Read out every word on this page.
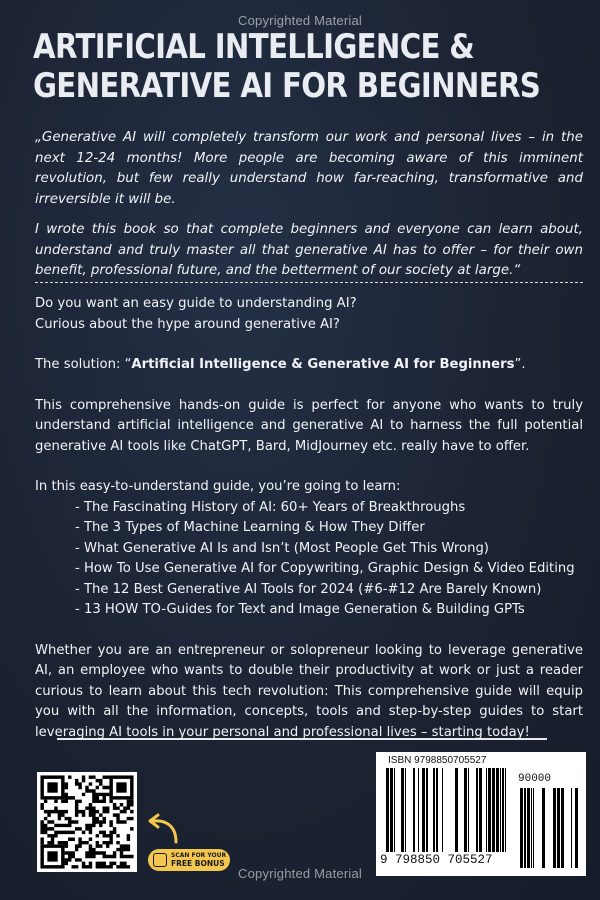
Copyrighted Material
ARTIFICIAL INTELLIGENCE &
GENERATIVE AI FOR BEGINNERS

„Generative AI will completely transform our work and personal lives – in the next 12-24 months! More people are becoming aware of this imminent revolution, but few really understand how far-reaching, transformative and irreversible it will be.

I wrote this book so that complete beginners and everyone can learn about, understand and truly master all that generative AI has to offer – for their own benefit, professional future, and the betterment of our society at large.“

Do you want an easy guide to understanding AI?

Curious about the hype around generative AI?

The solution: “Artificial Intelligence & Generative AI for Beginners”.

This comprehensive hands-on guide is perfect for anyone who wants to truly understand artificial intelligence and generative AI to harness the full potential generative AI tools like ChatGPT, Bard, MidJourney etc. really have to offer.

In this easy-to-understand guide, you’re going to learn:

- The Fascinating History of AI: 60+ Years of Breakthroughs
- The 3 Types of Machine Learning & How They Differ
- What Generative AI Is and Isn’t (Most People Get This Wrong)
- How To Use Generative AI for Copywriting, Graphic Design & Video Editing
- The 12 Best Generative AI Tools for 2024 (#6-#12 Are Barely Known)
- 13 HOW TO-Guides for Text and Image Generation & Building GPTs

Whether you are an entrepreneur or solopreneur looking to leverage generative AI, an employee who wants to double their productivity at work or just a reader curious to learn about this tech revolution: This comprehensive guide will equip you with all the information, concepts, tools and step-by-step guides to start leveraging AI tools in your personal and professional lives – starting today!

SCAN FOR YOUR
FREE BONUS
ISBN 9798850705527
90000
9 798850 705527
Copyrighted Material
